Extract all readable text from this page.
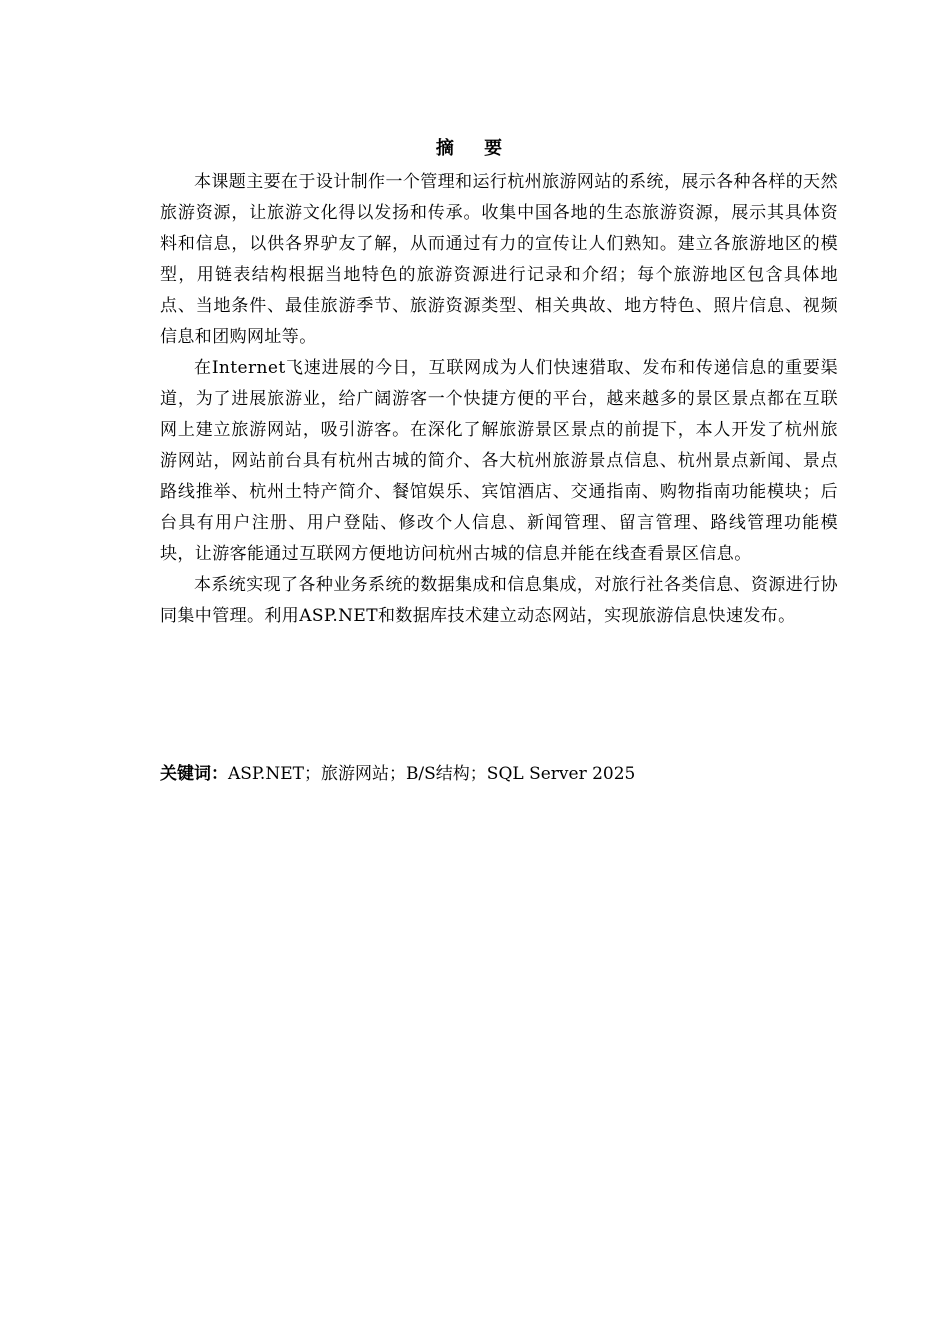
摘 要

本课题主要在于设计制作一个管理和运行杭州旅游网站的系统，展示各种各样的天然旅游资源，让旅游文化得以发扬和传承。收集中国各地的生态旅游资源，展示其具体资料和信息，以供各界驴友了解，从而通过有力的宣传让人们熟知。建立各旅游地区的模型，用链表结构根据当地特色的旅游资源进行记录和介绍；每个旅游地区包含具体地点、当地条件、最佳旅游季节、旅游资源类型、相关典故、地方特色、照片信息、视频信息和团购网址等。

在Internet飞速进展的今日，互联网成为人们快速猎取、发布和传递信息的重要渠道，为了进展旅游业，给广阔游客一个快捷方便的平台，越来越多的景区景点都在互联网上建立旅游网站，吸引游客。在深化了解旅游景区景点的前提下，本人开发了杭州旅游网站，网站前台具有杭州古城的简介、各大杭州旅游景点信息、杭州景点新闻、景点路线推举、杭州土特产简介、餐馆娱乐、宾馆酒店、交通指南、购物指南功能模块；后台具有用户注册、用户登陆、修改个人信息、新闻管理、留言管理、路线管理功能模块，让游客能通过互联网方便地访问杭州古城的信息并能在线查看景区信息。

本系统实现了各种业务系统的数据集成和信息集成，对旅行社各类信息、资源进行协同集中管理。利用ASP.NET和数据库技术建立动态网站，实现旅游信息快速发布。

关键词：ASP.NET；旅游网站；B/S结构；SQL Server 2025
